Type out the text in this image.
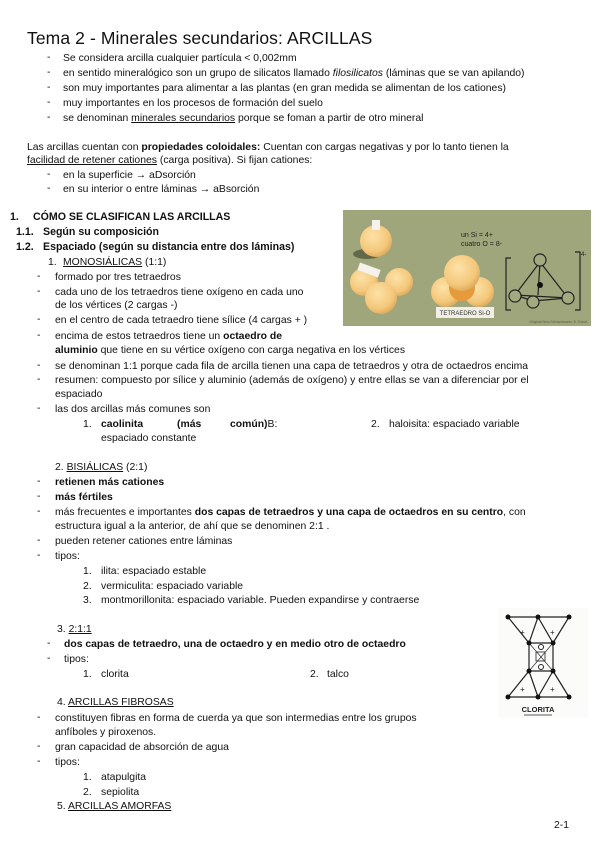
Tema 2 - Minerales secundarios: ARCILLAS
- Se considera arcilla cualquier partícula < 0,002mm
- en sentido mineralógico son un grupo de silicatos llamado filosilicatos (láminas que se van apilando)
- son muy importantes para alimentar a las plantas (en gran medida se alimentan de los cationes)
- muy importantes en los procesos de formación del suelo
- se denominan minerales secundarios porque se foman a partir de otro mineral
Las arcillas cuentan con propiedades coloidales: Cuentan con cargas negativas y por lo tanto tienen la
facilidad de retener cationes (carga positiva). Si fijan cationes:
- en la superficie → aDsorción
- en su interior o entre láminas → aBsorción
1. CÓMO SE CLASIFICAN LAS ARCILLAS
1.1. Según su composición
1.2. Espaciado (según su distancia entre dos láminas)
1. MONOSIÁLICAS (1:1)
- formado por tres tetraedros
- cada uno de los tetraedros tiene oxígeno en cada uno
de los vértices (2 cargas -)
- en el centro de cada tetraedro tiene sílice (4 cargas + )
- encima de estos tetraedros tiene un octaedro de
aluminio que tiene en su vértice oxígeno con carga negativa en los vértices
- se denominan 1:1 porque cada fila de arcilla tienen una capa de tetraedros y otra de octaedros encima
- resumen: compuesto por sílice y aluminio (además de oxígeno) y entre ellas se van a diferenciar por el
espaciado
- las dos arcillas más comunes son
1. caolinita	(más	común)B:
espaciado constante
2. haloisita: espaciado variable
2. BISIÁLICAS (2:1)
- retienen más cationes
- más fértiles
- más frecuentes e importantes dos capas de tetraedros y una capa de octaedros en su centro, con
estructura igual a la anterior, de ahí que se denominen 2:1 .
- pueden retener cationes entre láminas
- tipos:
1. ilita: espaciado estable
2. vermiculita: espaciado variable
3. montmorillonita: espaciado variable. Pueden expandirse y contraerse
3. 2:1:1
- dos capas de tetraedro, una de octaedro y en medio otro de octaedro
- tipos:
1. clorita	2. talco
4. ARCILLAS FIBROSAS
- constituyen fibras en forma de cuerda ya que son intermedias entre los grupos
anfíboles y piroxenos.
- gran capacidad de absorción de agua
- tipos:
1. atapulgita
2. sepiolita
5. ARCILLAS AMORFAS
TETRAEDRO Si-O
un Si = 4+
cuatro O = 8-
4-
Original Nels Schwertmann, E. Kokot
+	+
+	+
CLORITA
2-1
